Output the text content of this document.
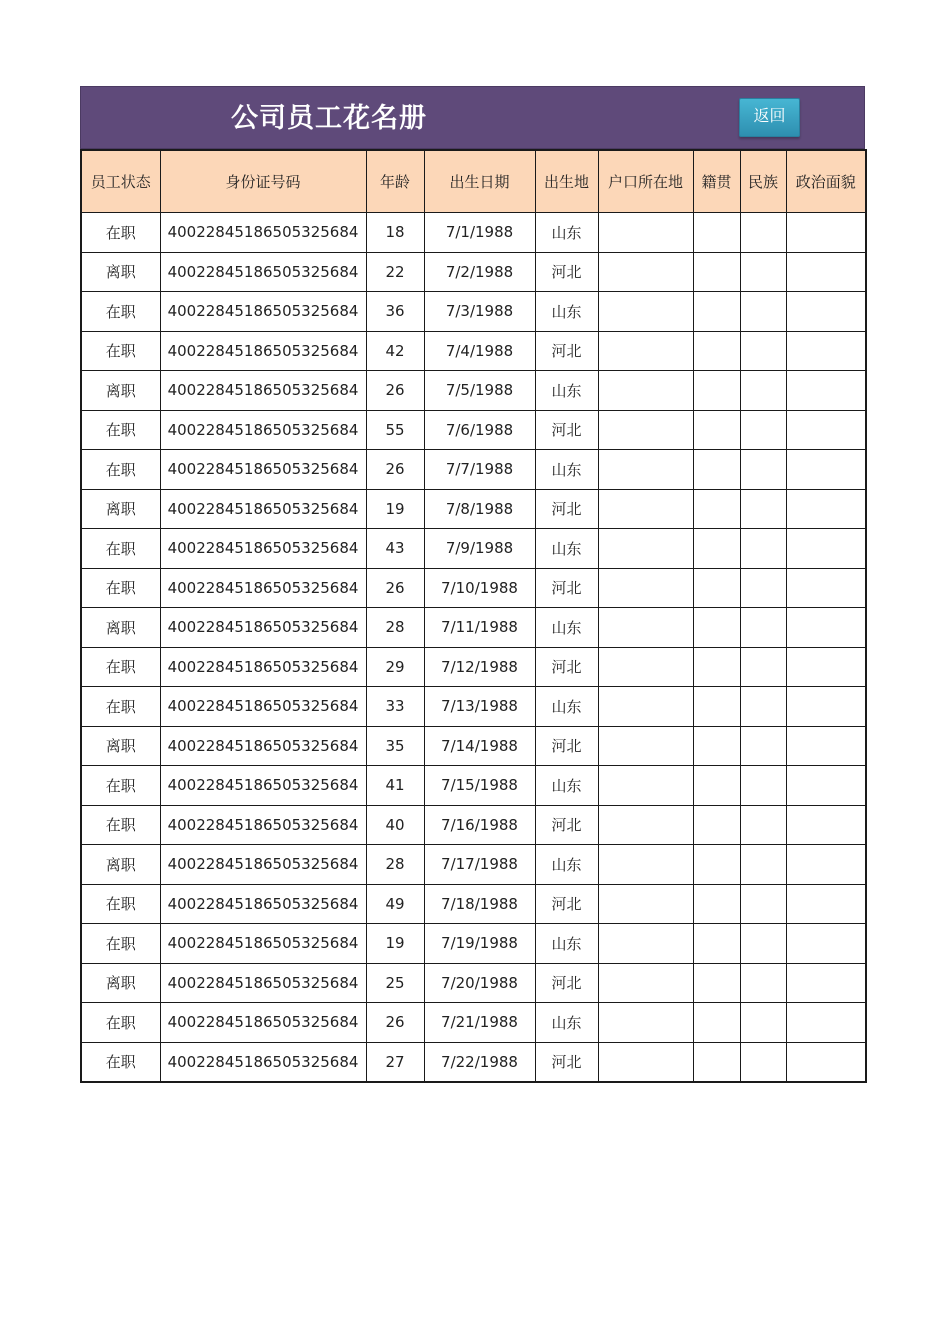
公司员工花名册	返回
员工状态	身份证号码	年龄	出生日期	出生地	户口所在地	籍贯	民族	政治面貌
在职	40022845186505325684	18	7/1/1988	山东				
离职	40022845186505325684	22	7/2/1988	河北				
在职	40022845186505325684	36	7/3/1988	山东				
在职	40022845186505325684	42	7/4/1988	河北				
离职	40022845186505325684	26	7/5/1988	山东				
在职	40022845186505325684	55	7/6/1988	河北				
在职	40022845186505325684	26	7/7/1988	山东				
离职	40022845186505325684	19	7/8/1988	河北				
在职	40022845186505325684	43	7/9/1988	山东				
在职	40022845186505325684	26	7/10/1988	河北				
离职	40022845186505325684	28	7/11/1988	山东				
在职	40022845186505325684	29	7/12/1988	河北				
在职	40022845186505325684	33	7/13/1988	山东				
离职	40022845186505325684	35	7/14/1988	河北				
在职	40022845186505325684	41	7/15/1988	山东				
在职	40022845186505325684	40	7/16/1988	河北				
离职	40022845186505325684	28	7/17/1988	山东				
在职	40022845186505325684	49	7/18/1988	河北				
在职	40022845186505325684	19	7/19/1988	山东				
离职	40022845186505325684	25	7/20/1988	河北				
在职	40022845186505325684	26	7/21/1988	山东				
在职	40022845186505325684	27	7/22/1988	河北				
